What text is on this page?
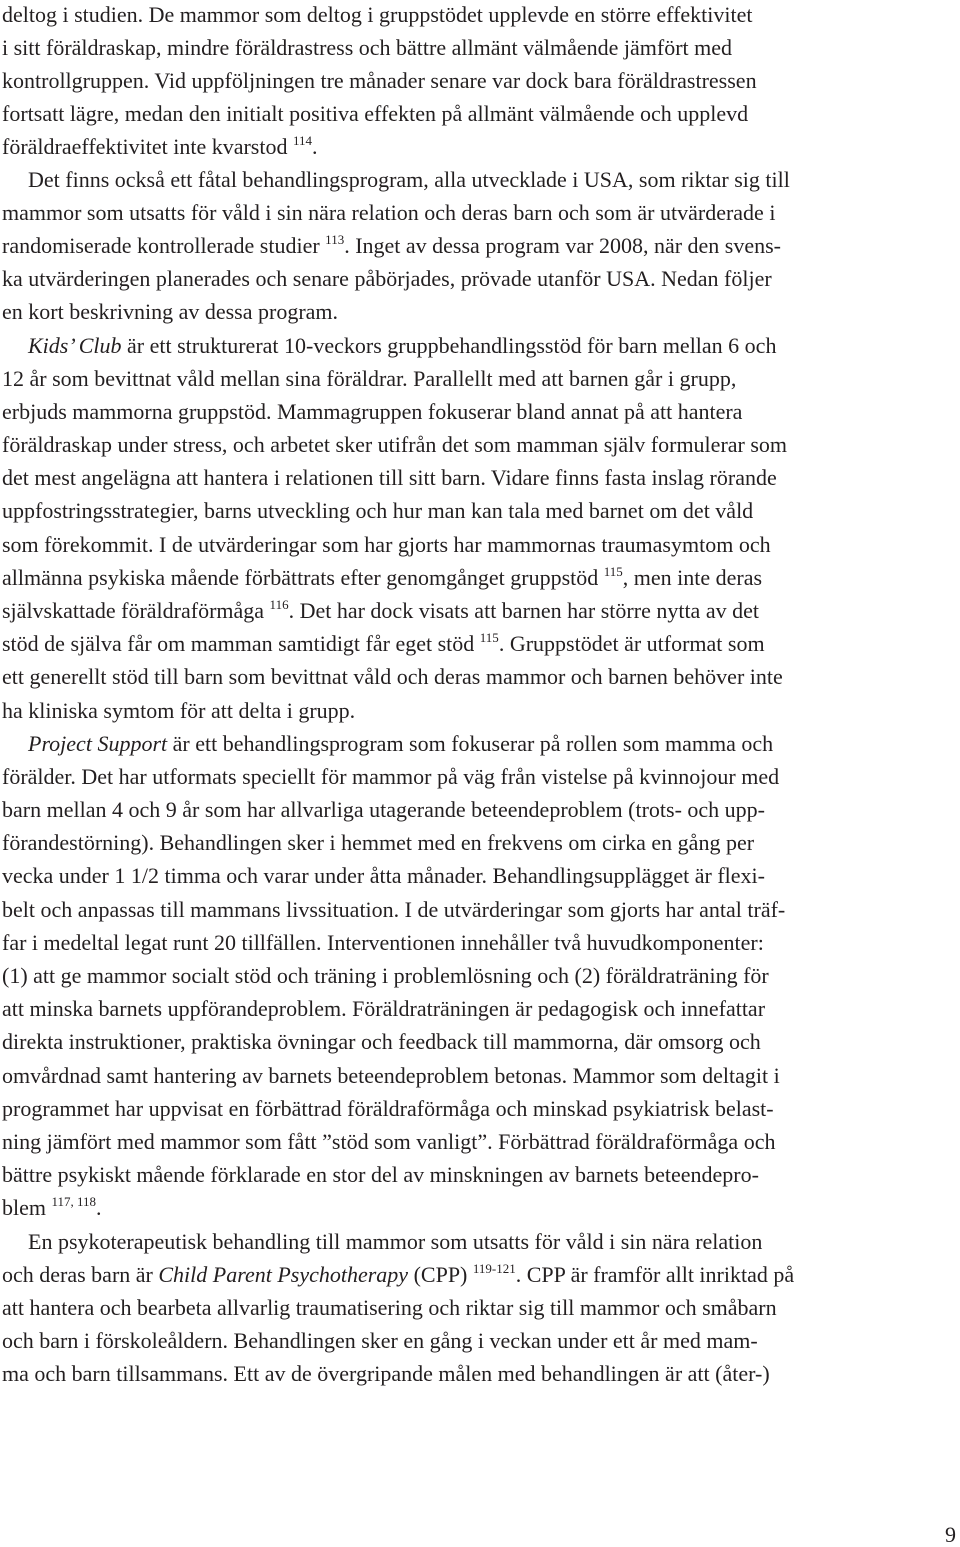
deltog i studien. De mammor som deltog i gruppstödet upplevde en större effektivitet
i sitt föräldraskap, mindre föräldrastress och bättre allmänt välmående jämfört med
kontrollgruppen. Vid uppföljningen tre månader senare var dock bara föräldrastressen
fortsatt lägre, medan den initialt positiva effekten på allmänt välmående och upplevd
föräldraeffektivitet inte kvarstod $^{114}$.
Det finns också ett fåtal behandlingsprogram, alla utvecklade i USA, som riktar sig till
mammor som utsatts för våld i sin nära relation och deras barn och som är utvärderade i
randomiserade kontrollerade studier $^{113}$. Inget av dessa program var 2008, när den svens-
ka utvärderingen planerades och senare påbörjades, prövade utanför USA. Nedan följer
en kort beskrivning av dessa program.
Kids’ Club är ett strukturerat 10-veckors gruppbehandlingsstöd för barn mellan 6 och
12 år som bevittnat våld mellan sina föräldrar. Parallellt med att barnen går i grupp,
erbjuds mammorna gruppstöd. Mammagruppen fokuserar bland annat på att hantera
föräldraskap under stress, och arbetet sker utifrån det som mamman själv formulerar som
det mest angelägna att hantera i relationen till sitt barn. Vidare finns fasta inslag rörande
uppfostringsstrategier, barns utveckling och hur man kan tala med barnet om det våld
som förekommit. I de utvärderingar som har gjorts har mammornas traumasymtom och
allmänna psykiska mående förbättrats efter genomgånget gruppstöd $^{115}$, men inte deras
självskattade föräldraförmåga $^{116}$. Det har dock visats att barnen har större nytta av det
stöd de själva får om mamman samtidigt får eget stöd $^{115}$. Gruppstödet är utformat som
ett generellt stöd till barn som bevittnat våld och deras mammor och barnen behöver inte
ha kliniska symtom för att delta i grupp.
Project Support är ett behandlingsprogram som fokuserar på rollen som mamma och
förälder. Det har utformats speciellt för mammor på väg från vistelse på kvinnojour med
barn mellan 4 och 9 år som har allvarliga utagerande beteendeproblem (trots- och upp-
förandestörning). Behandlingen sker i hemmet med en frekvens om cirka en gång per
vecka under 1 1/2 timma och varar under åtta månader. Behandlingsupplägget är flexi-
belt och anpassas till mammans livssituation. I de utvärderingar som gjorts har antal träf-
far i medeltal legat runt 20 tillfällen. Interventionen innehåller två huvudkomponenter:
(1) att ge mammor socialt stöd och träning i problemlösning och (2) föräldraträning för
att minska barnets uppförandeproblem. Föräldraträningen är pedagogisk och innefattar
direkta instruktioner, praktiska övningar och feedback till mammorna, där omsorg och
omvårdnad samt hantering av barnets beteendeproblem betonas. Mammor som deltagit i
programmet har uppvisat en förbättrad föräldraförmåga och minskad psykiatrisk belast-
ning jämfört med mammor som fått ”stöd som vanligt”. Förbättrad föräldraförmåga och
bättre psykiskt mående förklarade en stor del av minskningen av barnets beteendepro-
blem $^{117, 118}$.
En psykoterapeutisk behandling till mammor som utsatts för våld i sin nära relation
och deras barn är Child Parent Psychotherapy (CPP) $^{119-121}$. CPP är framför allt inriktad på
att hantera och bearbeta allvarlig traumatisering och riktar sig till mammor och småbarn
och barn i förskoleåldern. Behandlingen sker en gång i veckan under ett år med mam-
ma och barn tillsammans. Ett av de övergripande målen med behandlingen är att (åter-)
9
